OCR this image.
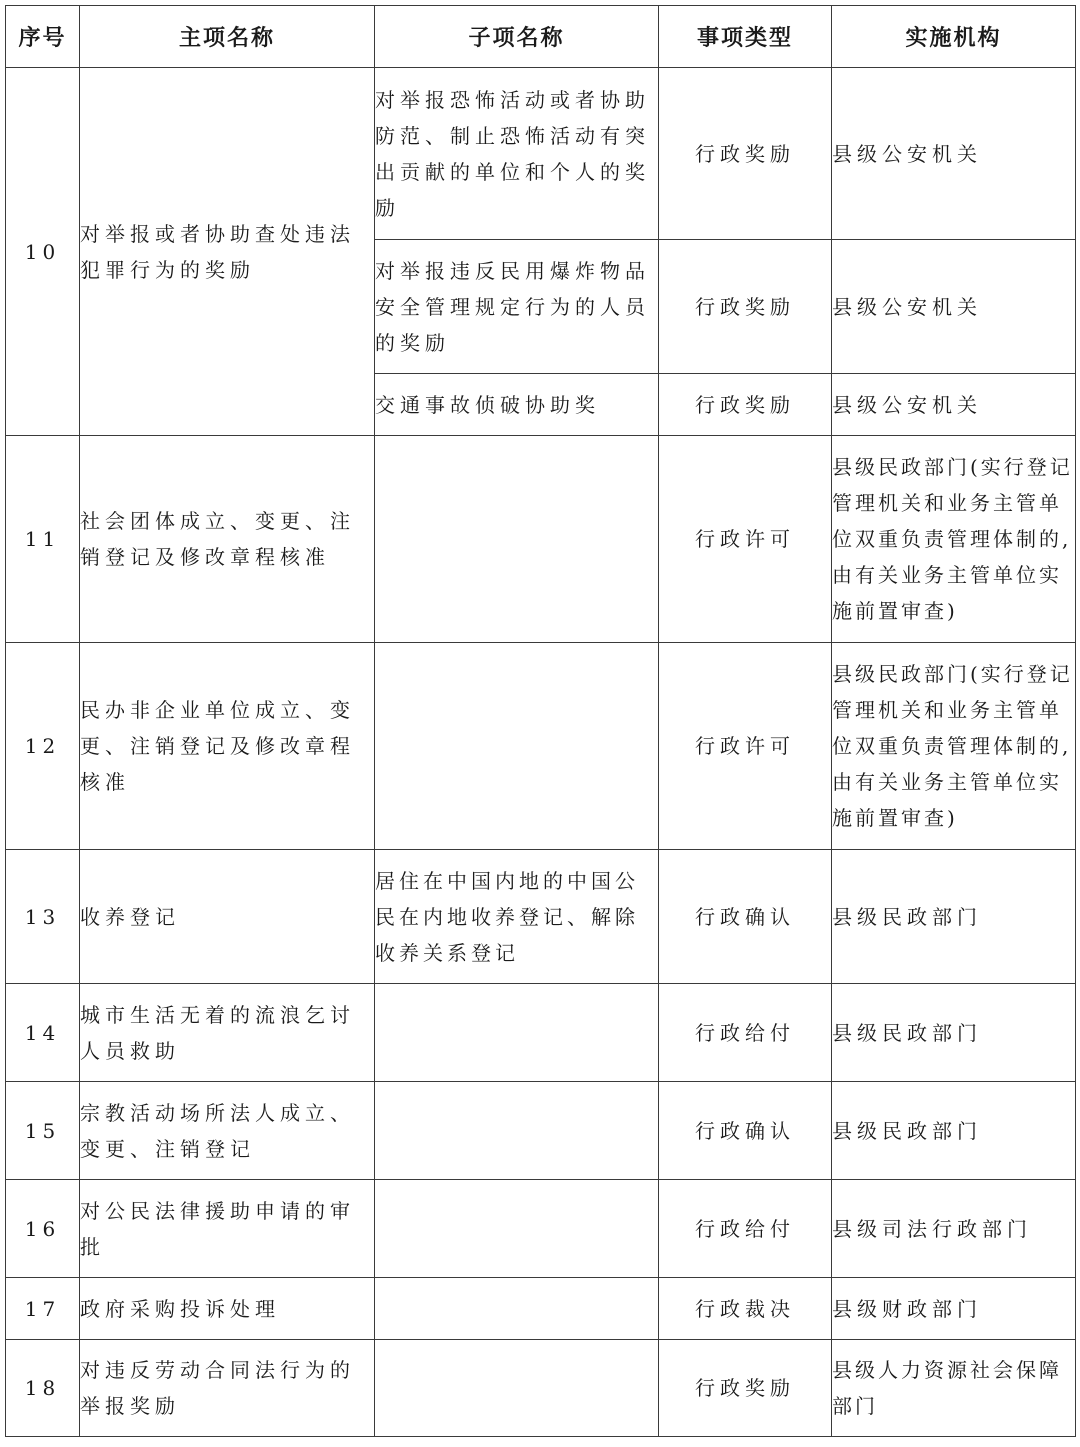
序号	主项名称	子项名称	事项类型	实施机构
10	对举报或者协助查处违法犯罪行为的奖励	对举报恐怖活动或者协助防范、制止恐怖活动有突出贡献的单位和个人的奖励	行政奖励	县级公安机关
		对举报违反民用爆炸物品安全管理规定行为的人员的奖励	行政奖励	县级公安机关
		交通事故侦破协助奖	行政奖励	县级公安机关
11	社会团体成立、变更、注销登记及修改章程核准		行政许可	县级民政部门(实行登记管理机关和业务主管单位双重负责管理体制的,由有关业务主管单位实施前置审查)
12	民办非企业单位成立、变更、注销登记及修改章程核准		行政许可	县级民政部门(实行登记管理机关和业务主管单位双重负责管理体制的,由有关业务主管单位实施前置审查)
13	收养登记	居住在中国内地的中国公民在内地收养登记、解除收养关系登记	行政确认	县级民政部门
14	城市生活无着的流浪乞讨人员救助		行政给付	县级民政部门
15	宗教活动场所法人成立、变更、注销登记		行政确认	县级民政部门
16	对公民法律援助申请的审批		行政给付	县级司法行政部门
17	政府采购投诉处理		行政裁决	县级财政部门
18	对违反劳动合同法行为的举报奖励		行政奖励	县级人力资源社会保障部门
